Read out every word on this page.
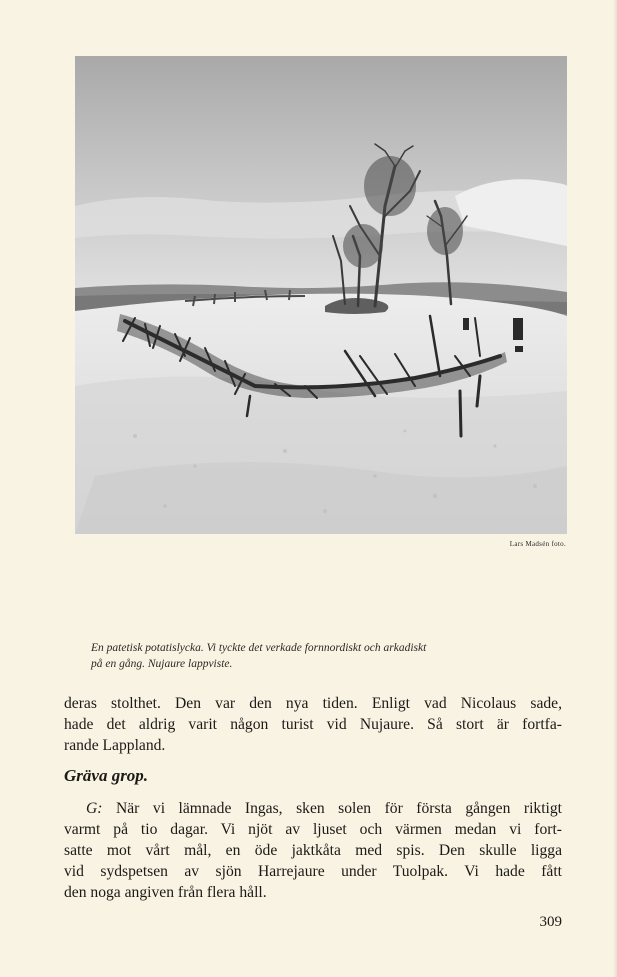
Lars Madsén foto.
En patetisk potatislycka. Vi tyckte det verkade fornnordiskt och arkadiskt
på en gång. Nujaure lappviste.
deras stolthet. Den var den nya tiden. Enligt vad Nicolaus sade,
hade det aldrig varit någon turist vid Nujaure. Så stort är fortfa-
rande Lappland.
Gräva grop.
G: När vi lämnade Ingas, sken solen för första gången riktigt
varmt på tio dagar. Vi njöt av ljuset och värmen medan vi fort-
satte mot vårt mål, en öde jaktkåta med spis. Den skulle ligga
vid sydspetsen av sjön Harrejaure under Tuolpak. Vi hade fått
den noga angiven från flera håll.
309
